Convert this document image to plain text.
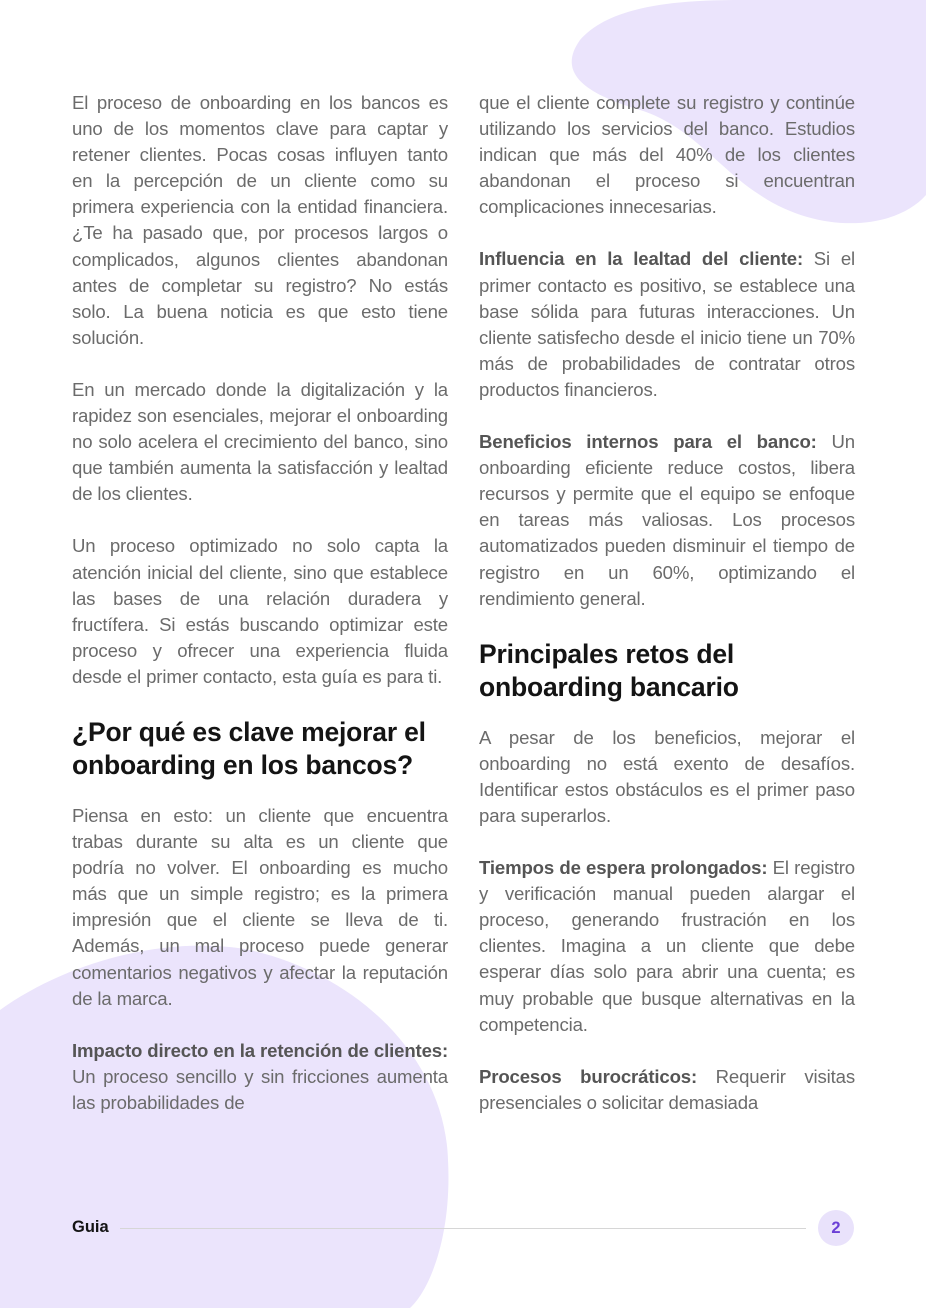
El proceso de onboarding en los bancos es uno de los momentos clave para captar y retener clientes. Pocas cosas influyen tanto en la percepción de un cliente como su primera experiencia con la entidad financiera. ¿Te ha pasado que, por procesos largos o complicados, algunos clientes abandonan antes de completar su registro? No estás solo. La buena noticia es que esto tiene solución.

En un mercado donde la digitalización y la rapidez son esenciales, mejorar el onboarding no solo acelera el crecimiento del banco, sino que también aumenta la satisfacción y lealtad de los clientes.

Un proceso optimizado no solo capta la atención inicial del cliente, sino que establece las bases de una relación duradera y fructífera. Si estás buscando optimizar este proceso y ofrecer una experiencia fluida desde el primer contacto, esta guía es para ti.

¿Por qué es clave mejorar el onboarding en los bancos?

Piensa en esto: un cliente que encuentra trabas durante su alta es un cliente que podría no volver. El onboarding es mucho más que un simple registro; es la primera impresión que el cliente se lleva de ti. Además, un mal proceso puede generar comentarios negativos y afectar la reputación de la marca.

Impacto directo en la retención de clientes: Un proceso sencillo y sin fricciones aumenta las probabilidades de

que el cliente complete su registro y continúe utilizando los servicios del banco. Estudios indican que más del 40% de los clientes abandonan el proceso si encuentran complicaciones innecesarias.

Influencia en la lealtad del cliente: Si el primer contacto es positivo, se establece una base sólida para futuras interacciones. Un cliente satisfecho desde el inicio tiene un 70% más de probabilidades de contratar otros productos financieros.

Beneficios internos para el banco: Un onboarding eficiente reduce costos, libera recursos y permite que el equipo se enfoque en tareas más valiosas. Los procesos automatizados pueden disminuir el tiempo de registro en un 60%, optimizando el rendimiento general.

Principales retos del onboarding bancario

A pesar de los beneficios, mejorar el onboarding no está exento de desafíos. Identificar estos obstáculos es el primer paso para superarlos.

Tiempos de espera prolongados: El registro y verificación manual pueden alargar el proceso, generando frustración en los clientes. Imagina a un cliente que debe esperar días solo para abrir una cuenta; es muy probable que busque alternativas en la competencia.

Procesos burocráticos: Requerir visitas presenciales o solicitar demasiada

Guia	2
